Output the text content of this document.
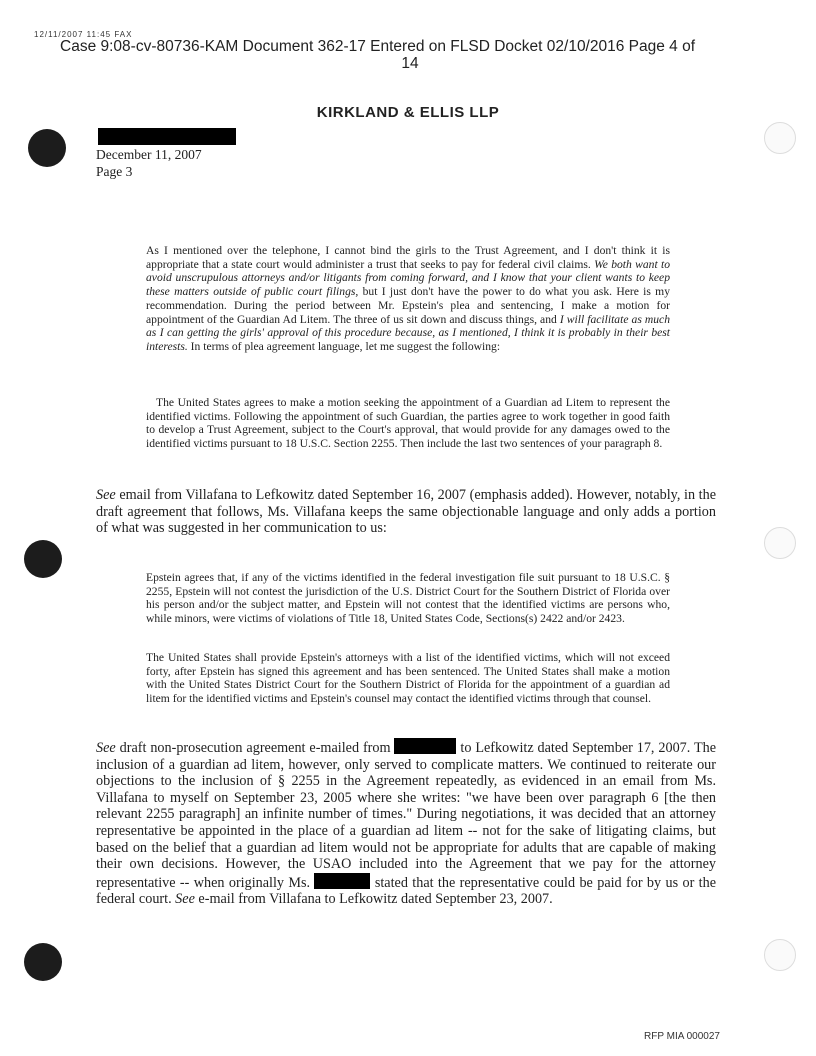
12/11/2007 11:45 FAX
Case 9:08-cv-80736-KAM Document 362-17 Entered on FLSD Docket 02/10/2016 Page 4 of
14
KIRKLAND & ELLIS LLP
December 11, 2007
Page 3

As I mentioned over the telephone, I cannot bind the girls to the Trust Agreement, and I don't think it is appropriate that a state court would administer a trust that seeks to pay for federal civil claims. We both want to avoid unscrupulous attorneys and/or litigants from coming forward, and I know that your client wants to keep these matters outside of public court filings, but I just don't have the power to do what you ask. Here is my recommendation. During the period between Mr. Epstein's plea and sentencing, I make a motion for appointment of the Guardian Ad Litem. The three of us sit down and discuss things, and I will facilitate as much as I can getting the girls' approval of this procedure because, as I mentioned, I think it is probably in their best interests. In terms of plea agreement language, let me suggest the following:

The United States agrees to make a motion seeking the appointment of a Guardian ad Litem to represent the identified victims. Following the appointment of such Guardian, the parties agree to work together in good faith to develop a Trust Agreement, subject to the Court's approval, that would provide for any damages owed to the identified victims pursuant to 18 U.S.C. Section 2255. Then include the last two sentences of your paragraph 8.

See email from Villafana to Lefkowitz dated September 16, 2007 (emphasis added). However, notably, in the draft agreement that follows, Ms. Villafana keeps the same objectionable language and only adds a portion of what was suggested in her communication to us:

Epstein agrees that, if any of the victims identified in the federal investigation file suit pursuant to 18 U.S.C. § 2255, Epstein will not contest the jurisdiction of the U.S. District Court for the Southern District of Florida over his person and/or the subject matter, and Epstein will not contest that the identified victims are persons who, while minors, were victims of violations of Title 18, United States Code, Sections(s) 2422 and/or 2423.

The United States shall provide Epstein's attorneys with a list of the identified victims, which will not exceed forty, after Epstein has signed this agreement and has been sentenced. The United States shall make a motion with the United States District Court for the Southern District of Florida for the appointment of a guardian ad litem for the identified victims and Epstein's counsel may contact the identified victims through that counsel.

See draft non-prosecution agreement e-mailed from	to Lefkowitz dated September 17, 2007. The inclusion of a guardian ad litem, however, only served to complicate matters. We continued to reiterate our objections to the inclusion of § 2255 in the Agreement repeatedly, as evidenced in an email from Ms. Villafana to myself on September 23, 2005 where she writes: "we have been over paragraph 6 [the then relevant 2255 paragraph] an infinite number of times." During negotiations, it was decided that an attorney representative be appointed in the place of a guardian ad litem -- not for the sake of litigating claims, but based on the belief that a guardian ad litem would not be appropriate for adults that are capable of making their own decisions. However, the USAO included into the Agreement that we pay for the attorney representative -- when originally Ms.	stated that the representative could be paid for by us or the federal court. See e-mail from Villafana to Lefkowitz dated September 23, 2007.

RFP MIA 000027
